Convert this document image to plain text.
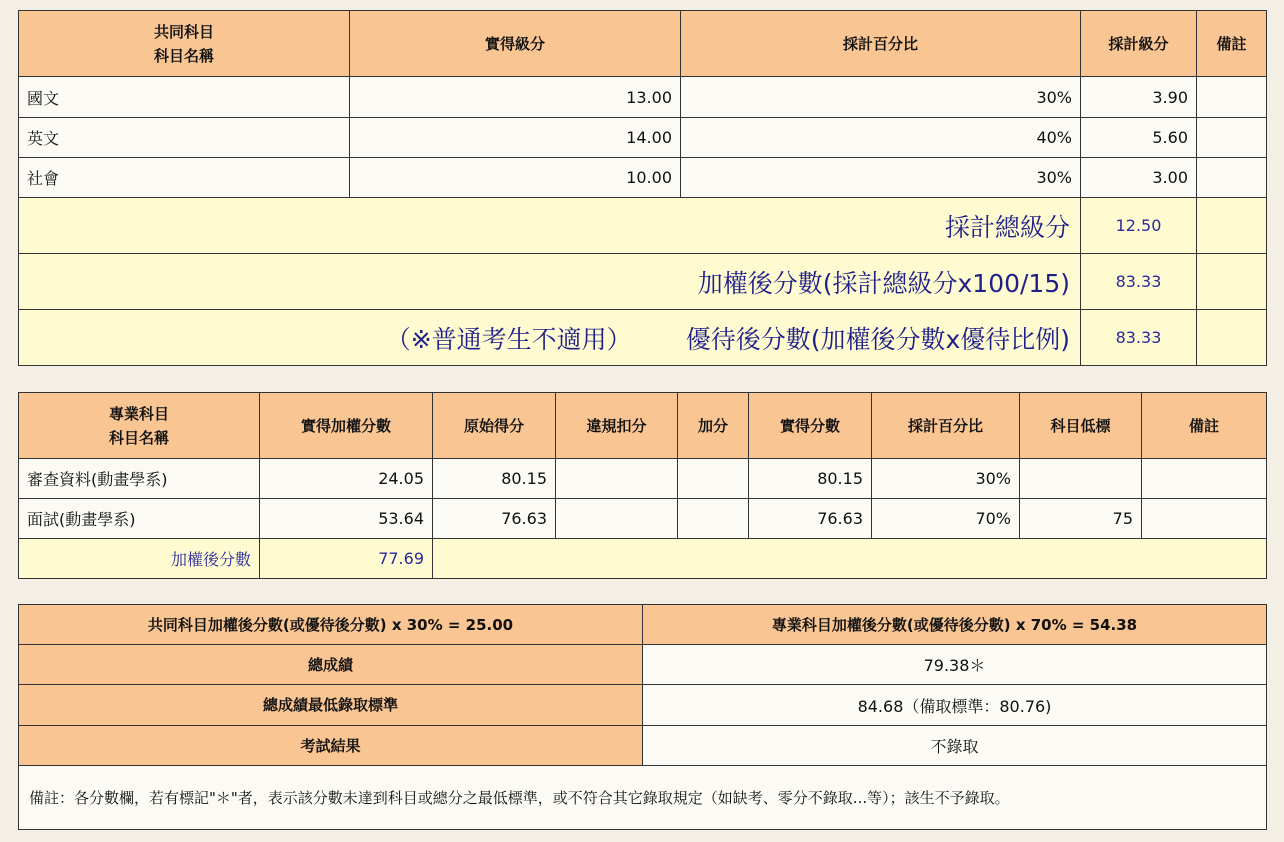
共同科目
科目名稱	實得級分	採計百分比	採計級分	備註
國文	13.00	30%	3.90	
英文	14.00	40%	5.60	
社會	10.00	30%	3.00	
採計總級分			12.50	
加權後分數(採計總級分x100/15)			83.33	
（※普通考生不適用） 優待後分數(加權後分數x優待比例)			83.33	
專業科目
科目名稱	實得加權分數	原始得分	違規扣分	加分	實得分數	採計百分比	科目低標	備註
審查資料(動畫學系)	24.05	80.15			80.15	30%		
面試(動畫學系)	53.64	76.63			76.63	70%	75	
加權後分數	77.69							
共同科目加權後分數(或優待後分數) x 30% = 25.00	專業科目加權後分數(或優待後分數) x 70% = 54.38
總成績	79.38＊
總成績最低錄取標準	84.68（備取標準：80.76)
考試結果	不錄取
備註：各分數欄，若有標記"＊"者，表示該分數未達到科目或總分之最低標準，或不符合其它錄取規定（如缺考、零分不錄取...等）；該生不予錄取。	
